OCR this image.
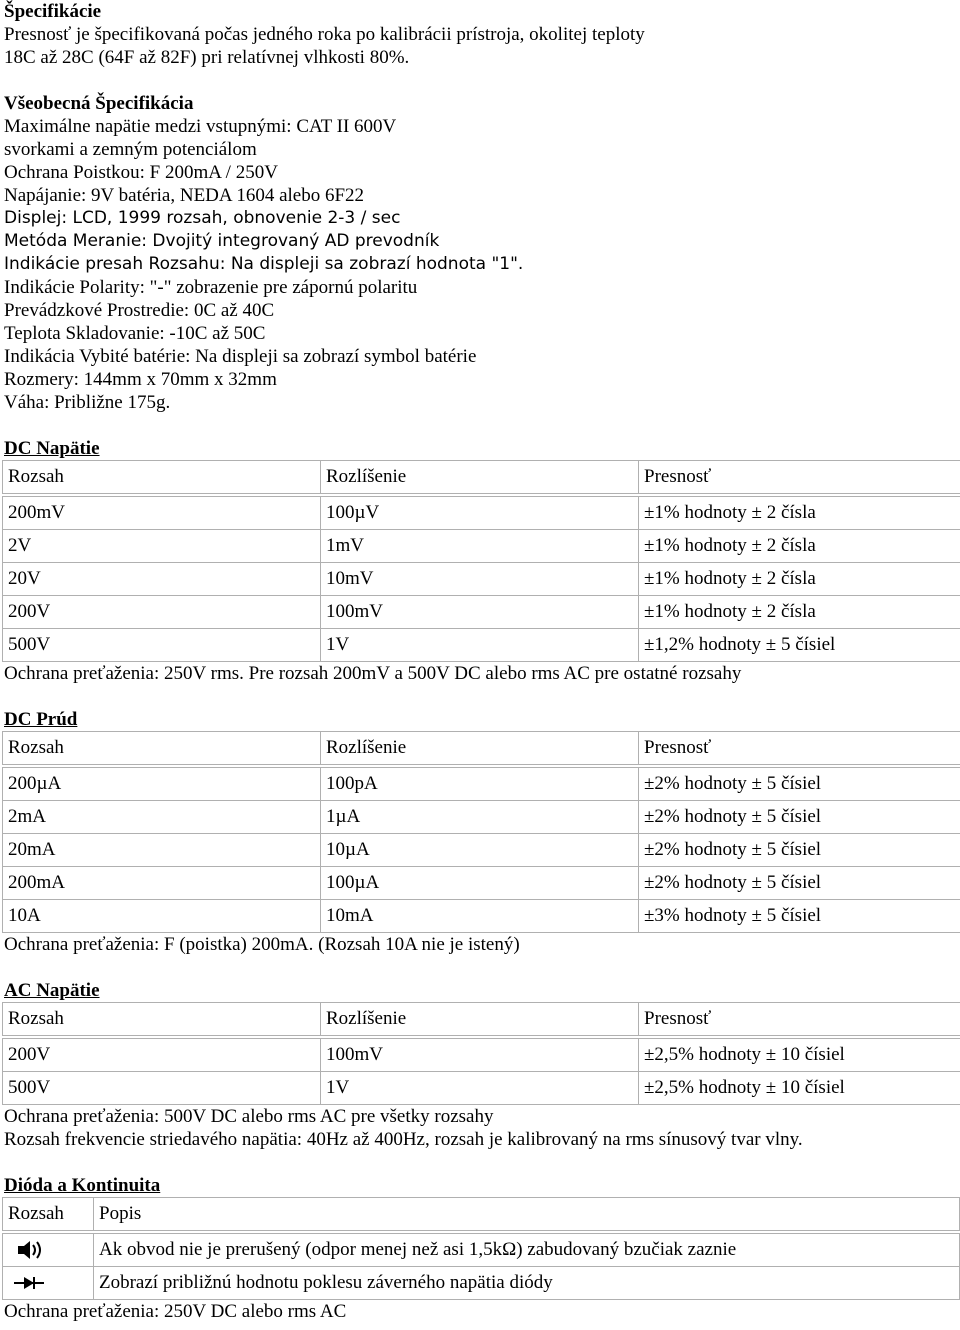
Špecifikácie
Presnosť je špecifikovaná počas jedného roka po kalibrácii prístroja, okolitej teploty
18C až 28C (64F až 82F) pri relatívnej vlhkosti 80%.
Všeobecná Špecifikácia
Maximálne napätie medzi vstupnými: CAT II 600V
svorkami a zemným potenciálom
Ochrana Poistkou: F 200mA / 250V
Napájanie: 9V batéria, NEDA 1604 alebo 6F22
Displej: LCD, 1999 rozsah, obnovenie 2-3 / sec
Metóda Meranie: Dvojitý integrovaný AD prevodník
Indikácie presah Rozsahu: Na displeji sa zobrazí hodnota "1".
Indikácie Polarity: "-" zobrazenie pre zápornú polaritu
Prevádzkové Prostredie: 0C až 40C
Teplota Skladovanie: -10C až 50C
Indikácia Vybité batérie: Na displeji sa zobrazí symbol batérie
Rozmery: 144mm x 70mm x 32mm
Váha: Približne 175g.
DC Napätie
Rozsah	Rozlíšenie	Presnosť

200mV	100µV	±1% hodnoty ± 2 čísla
2V	1mV	±1% hodnoty ± 2 čísla
20V	10mV	±1% hodnoty ± 2 čísla
200V	100mV	±1% hodnoty ± 2 čísla
500V	1V	±1,2% hodnoty ± 5 čísiel
Ochrana preťaženia: 250V rms. Pre rozsah 200mV a 500V DC alebo rms AC pre ostatné rozsahy
DC Prúd
Rozsah	Rozlíšenie	Presnosť

200µA	100pA	±2% hodnoty ± 5 čísiel
2mA	1µA	±2% hodnoty ± 5 čísiel
20mA	10µA	±2% hodnoty ± 5 čísiel
200mA	100µA	±2% hodnoty ± 5 čísiel
10A	10mA	±3% hodnoty ± 5 čísiel
Ochrana preťaženia: F (poistka) 200mA. (Rozsah 10A nie je istený)
AC Napätie
Rozsah	Rozlíšenie	Presnosť

200V	100mV	±2,5% hodnoty ± 10 čísiel
500V	1V	±2,5% hodnoty ± 10 čísiel
Ochrana preťaženia: 500V DC alebo rms AC pre všetky rozsahy
Rozsah frekvencie striedavého napätia: 40Hz až 400Hz, rozsah je kalibrovaný na rms sínusový tvar vlny.
Dióda a Kontinuita
Rozsah	Popis

	Ak obvod nie je prerušený (odpor menej než asi 1,5kΩ) zabudovaný bzučiak zaznie

	Zobrazí približnú hodnotu poklesu záverného napätia diódy
Ochrana preťaženia: 250V DC alebo rms AC
